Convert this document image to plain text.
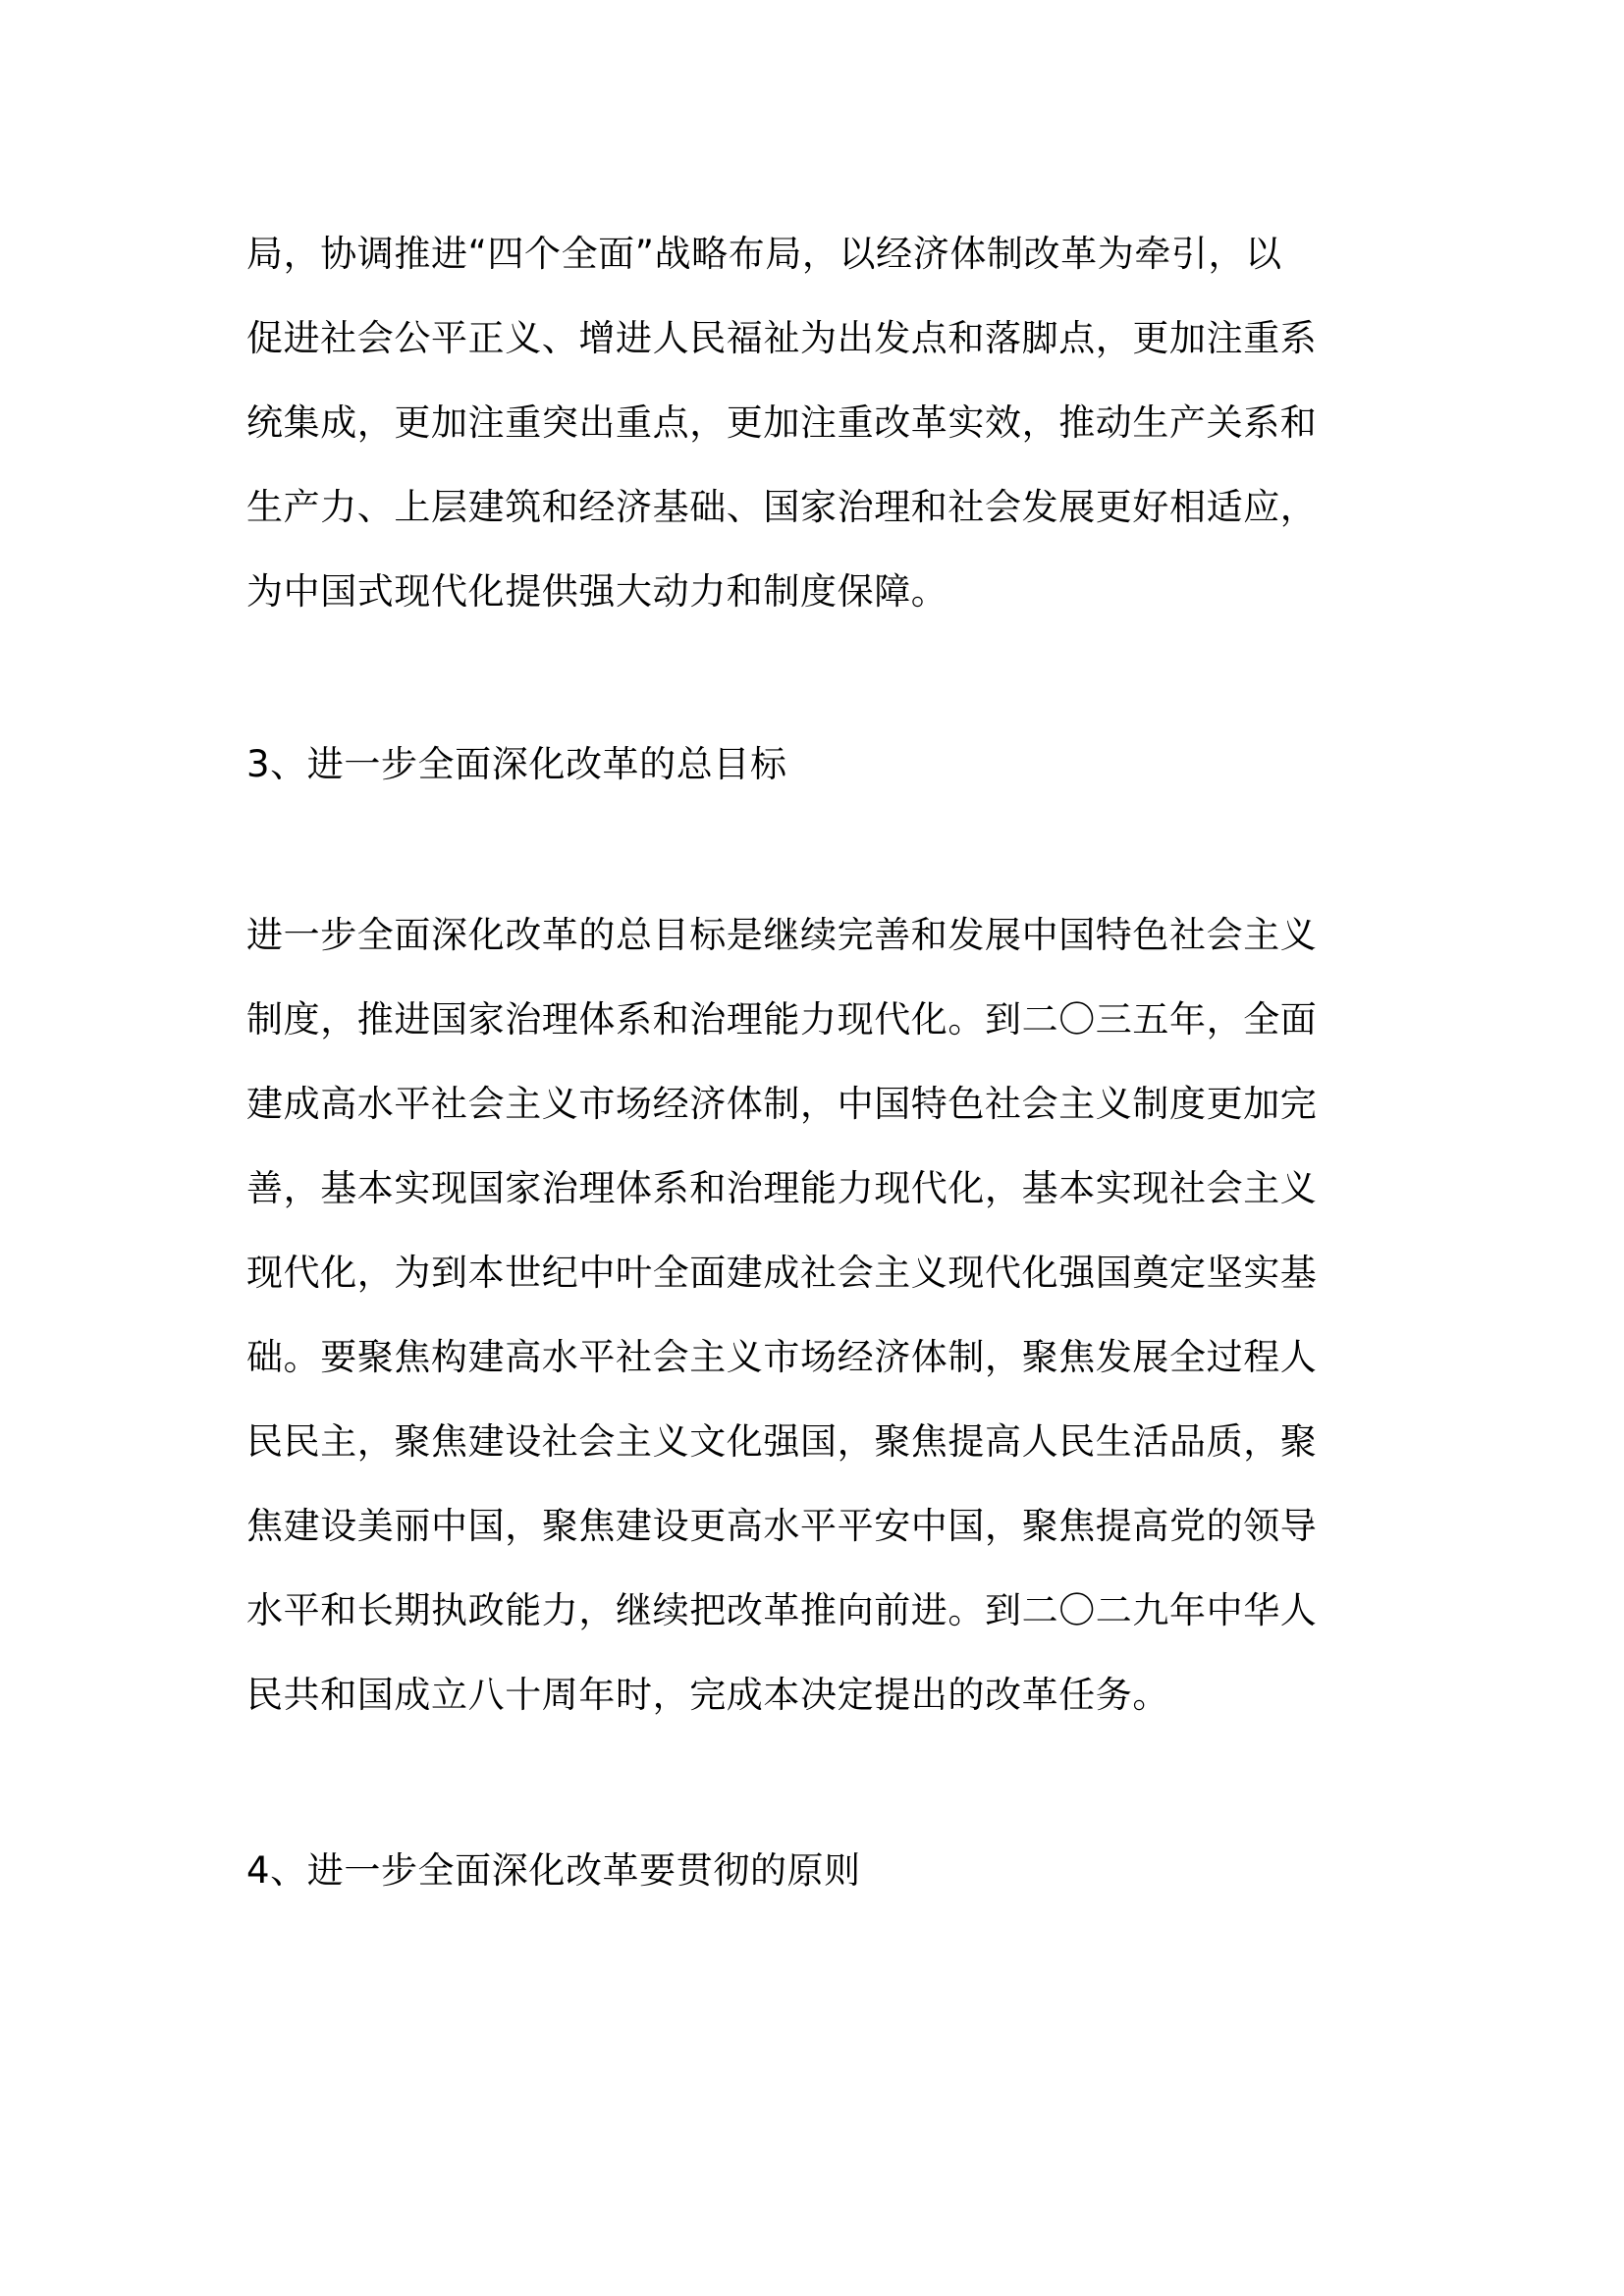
局，协调推进“四个全面”战略布局，以经济体制改革为牵引，以
促进社会公平正义、增进人民福祉为出发点和落脚点，更加注重系
统集成，更加注重突出重点，更加注重改革实效，推动生产关系和
生产力、上层建筑和经济基础、国家治理和社会发展更好相适应，
为中国式现代化提供强大动力和制度保障。
3、进一步全面深化改革的总目标
进一步全面深化改革的总目标是继续完善和发展中国特色社会主义
制度，推进国家治理体系和治理能力现代化。到二〇三五年，全面
建成高水平社会主义市场经济体制，中国特色社会主义制度更加完
善，基本实现国家治理体系和治理能力现代化，基本实现社会主义
现代化，为到本世纪中叶全面建成社会主义现代化强国奠定坚实基
础。要聚焦构建高水平社会主义市场经济体制，聚焦发展全过程人
民民主，聚焦建设社会主义文化强国，聚焦提高人民生活品质，聚
焦建设美丽中国，聚焦建设更高水平平安中国，聚焦提高党的领导
水平和长期执政能力，继续把改革推向前进。到二〇二九年中华人
民共和国成立八十周年时，完成本决定提出的改革任务。
4、进一步全面深化改革要贯彻的原则
